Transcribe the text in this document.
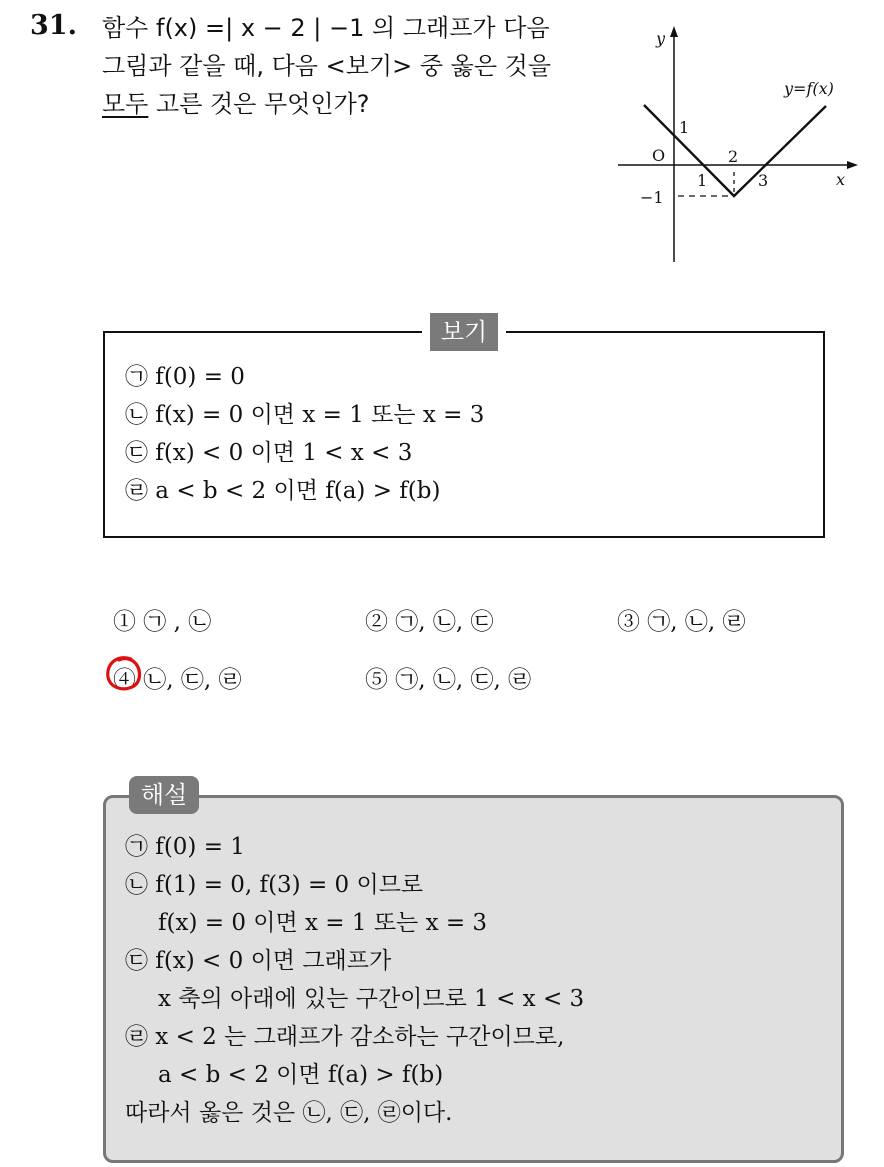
31. 함수 f(x) =| x − 2 | −1 의 그래프가 다음
그림과 같을 때, 다음 <보기> 중 옳은 것을
모두 고른 것은 무엇인가?
y
x
O
1
−1
1
2
3
y=f(x)
보기
㉠ f(0) = 0
㉡ f(x) = 0 이면 x = 1 또는 x = 3
㉢ f(x) < 0 이면 1 < x < 3
㉣ a < b < 2 이면 f(a) > f(b)
① ㉠ , ㉡	② ㉠, ㉡, ㉢	③ ㉠, ㉡, ㉣
④ ㉡, ㉢, ㉣	⑤ ㉠, ㉡, ㉢, ㉣
해설
㉠ f(0) = 1
㉡ f(1) = 0, f(3) = 0 이므로
f(x) = 0 이면 x = 1 또는 x = 3
㉢ f(x) < 0 이면 그래프가
x 축의 아래에 있는 구간이므로 1 < x < 3
㉣ x < 2 는 그래프가 감소하는 구간이므로,
a < b < 2 이면 f(a) > f(b)
따라서 옳은 것은 ㉡, ㉢, ㉣이다.
